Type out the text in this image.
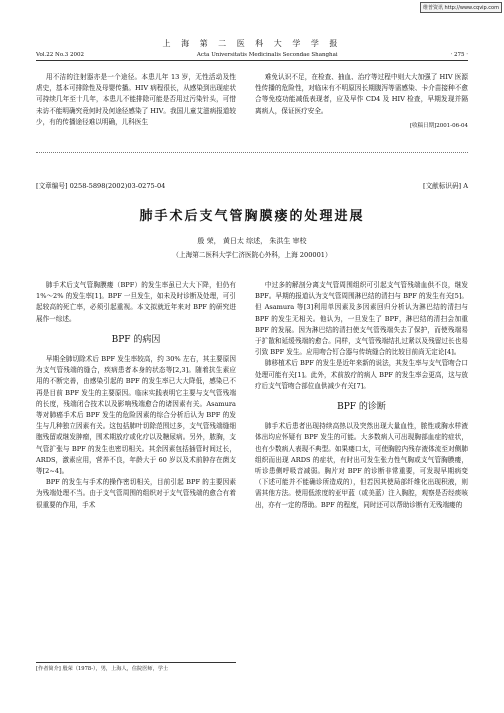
维普资讯 http://www.cqvip.com
上 海 第 二 医 科 大 学 学 报
Vol.22 No.3 2002	Acta Universitatis Medicinalis Secondae Shanghai	· 275 ·

用不洁的注射器亦是一个途径。本患儿年 13 岁，无性活动及性虐史，基本可排除性及母婴传播。HIV 病程很长，从感染到出现症状可持续几年至十几年，本患儿不能排除可能是否用过污染针头，可惜未访不能明确究竟何时及何途径感染了 HIV。我国儿童艾滋病报道较少，有的传播途径难以明确，儿科医生

难免认识不足，在检查、抽血、治疗等过程中则大大加强了 HIV 医源性传播的危险性，对临床有不明原因长期腹泻等需感染、卡介苗接种不愈合等免疫功能减低表现者，应及早作 CD4 及 HIV 检查，早期发现并隔离病人，保证医疗安全。

[收稿日期]2001-06-04
[文章编号] 0258-5898(2002)03-0275-04	[文献标识码] A
肺手术后支气管胸膜瘘的处理进展
殷 荣， 黄日太 综述， 朱洪生 审校
（上海第二医科大学仁济医院心外科，上海 200001）

肺手术后支气管胸膜瘘（BPF）的发生率虽已大大下降，但仍有 1%～2% 的发生率[1]。BPF 一旦发生，如未及时诊断及处理，可引起较高的死亡率，必须引起重视。本文拟就近年来对 BPF 的研究进展作一综述。

BPF 的病因

早期全肺切除术后 BPF 发生率较高，约 30% 左右，其主要原因为支气管残端的缝合，疾病患者本身的状态等[2,3]。随着抗生素应用的不断完善，由感染引起的 BPF 的发生率已大大降低，感染已不再是目前 BPF 发生的主要原因。临床实践表明它主要与支气管残端的长度，残端闭合技术以及影响残端愈合的诸因素有关。Asamura 等对肺癌手术后 BPF 发生的危险因素的综合分析后认为 BPF 的发生与几种独立因素有关。这包括肺叶切除范围过多，支气管残端缝细胞残留或继发肿瘤，围术期放疗或化疗以及糖尿病。另外，脓胸，支气管扩张与 BPF 的发生也密切相关。其余因素包括插管时间过长，ARDS，激素应用，营养不良，年龄大于 60 岁以及术前肿存在菌支等[2~4]。

BPF 的发生与手术的操作密切相关，目前引起 BPF 的主要因素为残端处理不当。由于支气管周围的组织对于支气管残端的愈合有着很重要的作用，手术

中过多的解剖分离支气管周围组织可引起支气管残端血供不良，继发 BPF。早期的报道认为支气管周围淋巴结的清扫与 BPF 的发生有关[5]。但 Asamura 等[3]利用单因素及多因素回归分析认为淋巴结的清扫与 BPF 的发生无相关。他认为，一旦发生了 BPF，淋巴结的清扫会加重 BPF 的发展。因为淋巴结的清扫使支气管残端失去了保护，而使残端易于扩散和延缓残端的愈合。同样，支气管残端结扎过紧以及残留过长也易引致 BPF 发生。应用吻合钉合器与传统缝合的比较目前尚无定论[4]。

肺移植术后 BPF 的发生是近年来新的说法，其发生率与支气管吻合口处理可能有关[1]。此外，术前放疗的病人 BPF 的发生率会更高，这与放疗后支气管吻合部位血供减少有关[7]。

BPF 的诊断

肺手术后患者出现持续高热以及突然出现大量血性，脓性或胸水样液体出均应怀疑有 BPF 发生的可能。大多数病人可出现胸部血症的症状，也有少数病人表现不典型。如果瘘口太，可使胸腔内残存液体流至对侧肺组织而出现 ARDS 的症状，有时出可发生张力性气胸或支气管胸膜瘘，听诊患侧呼吸音减弱。胸片对 BPF 的诊断非常重要，可发现早期病变（下述可能并不能确诊所造成的），但若因其使局部纤维化出现积液，则需其他方法。使用低浓度的亚甲蓝（或美蓝）注入胸腔，观察是否经痰咳出，亦有一定的帮助。BPF 的程度，同时还可以帮助诊断有无残端瘘的

[作者简介] 殷荣（1978-），男，上海人，住院医师，学士
